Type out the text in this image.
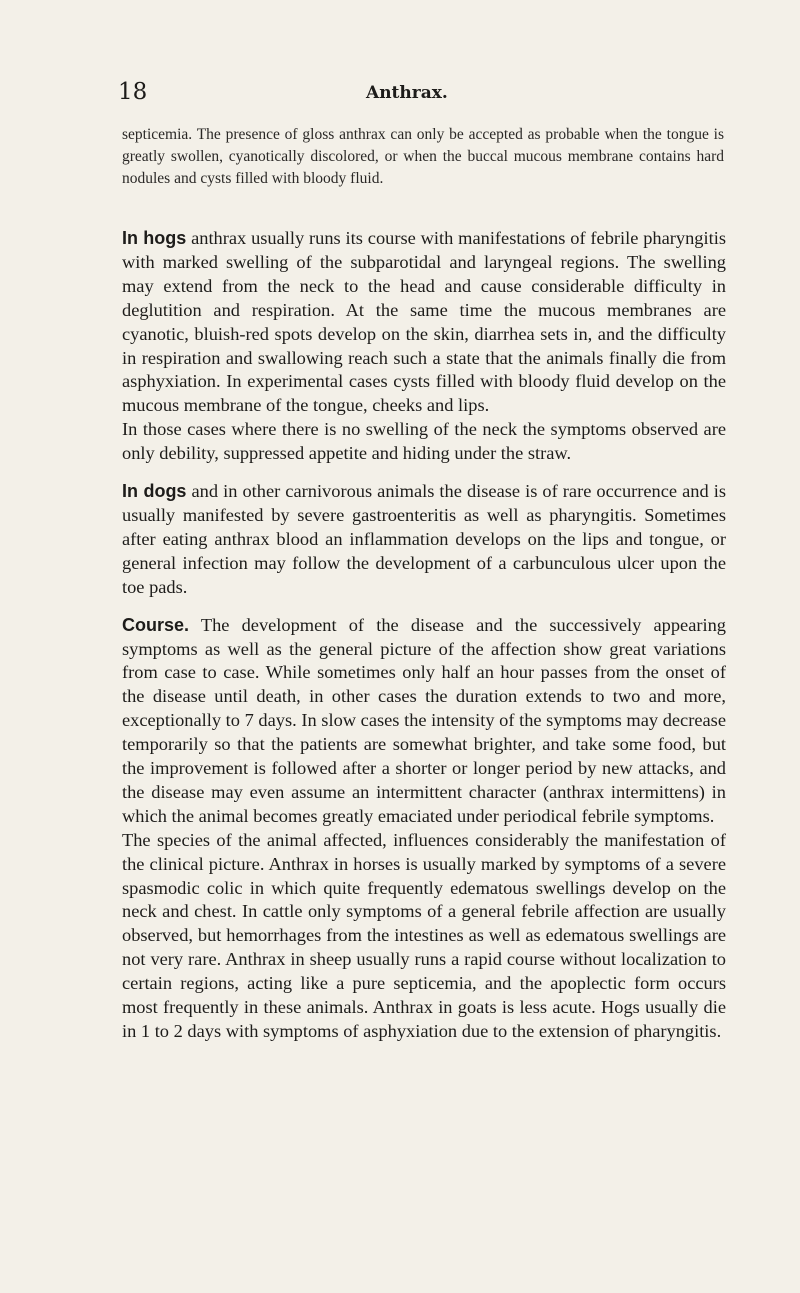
18	Anthrax.

septicemia. The presence of gloss anthrax can only be accepted as probable when the tongue is greatly swollen, cyanotically discolored, or when the buccal mucous membrane contains hard nodules and cysts filled with bloody fluid.

In hogs anthrax usually runs its course with manifestations of febrile pharyngitis with marked swelling of the subparotidal and laryngeal regions. The swelling may extend from the neck to the head and cause considerable difficulty in deglutition and respiration. At the same time the mucous membranes are cyanotic, bluish-red spots develop on the skin, diarrhea sets in, and the difficulty in respiration and swallowing reach such a state that the animals finally die from asphyxiation. In experimental cases cysts filled with bloody fluid develop on the mucous membrane of the tongue, cheeks and lips.

In those cases where there is no swelling of the neck the symptoms observed are only debility, suppressed appetite and hiding under the straw.

In dogs and in other carnivorous animals the disease is of rare occurrence and is usually manifested by severe gastroenteritis as well as pharyngitis. Sometimes after eating anthrax blood an inflammation develops on the lips and tongue, or general infection may follow the development of a carbunculous ulcer upon the toe pads.

Course. The development of the disease and the successively appearing symptoms as well as the general picture of the affection show great variations from case to case. While sometimes only half an hour passes from the onset of the disease until death, in other cases the duration extends to two and more, exceptionally to 7 days. In slow cases the intensity of the symptoms may decrease temporarily so that the patients are somewhat brighter, and take some food, but the improvement is followed after a shorter or longer period by new attacks, and the disease may even assume an intermittent character (anthrax intermittens) in which the animal becomes greatly emaciated under periodical febrile symptoms.

The species of the animal affected, influences considerably the manifestation of the clinical picture. Anthrax in horses is usually marked by symptoms of a severe spasmodic colic in which quite frequently edematous swellings develop on the neck and chest. In cattle only symptoms of a general febrile affection are usually observed, but hemorrhages from the intestines as well as edematous swellings are not very rare. Anthrax in sheep usually runs a rapid course without localization to certain regions, acting like a pure septicemia, and the apoplectic form occurs most frequently in these animals. Anthrax in goats is less acute. Hogs usually die in 1 to 2 days with symptoms of asphyxiation due to the extension of pharyngitis.
